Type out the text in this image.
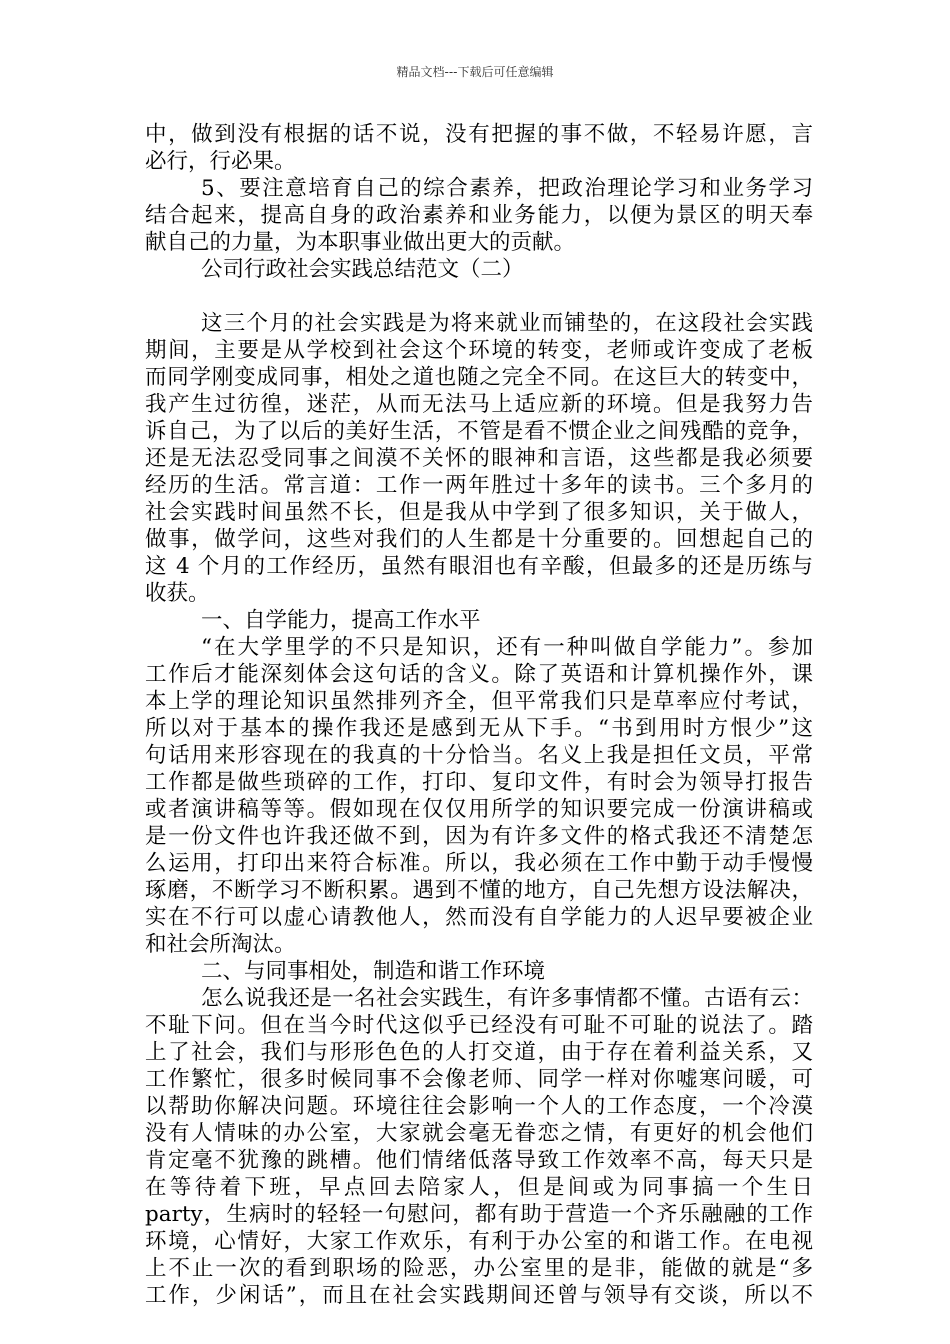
精品文档---下载后可任意编辑
中，做到没有根据的话不说，没有把握的事不做，不轻易许愿，言
必行，行必果。
5、要注意培育自己的综合素养，把政治理论学习和业务学习
结合起来，提高自身的政治素养和业务能力，以便为景区的明天奉
献自己的力量，为本职事业做出更大的贡献。
公司行政社会实践总结范文（二）
这三个月的社会实践是为将来就业而铺垫的，在这段社会实践
期间，主要是从学校到社会这个环境的转变，老师或许变成了老板
而同学刚变成同事，相处之道也随之完全不同。在这巨大的转变中，
我产生过彷徨，迷茫，从而无法马上适应新的环境。但是我努力告
诉自己，为了以后的美好生活，不管是看不惯企业之间残酷的竞争，
还是无法忍受同事之间漠不关怀的眼神和言语，这些都是我必须要
经历的生活。常言道：工作一两年胜过十多年的读书。三个多月的
社会实践时间虽然不长，但是我从中学到了很多知识，关于做人，
做事，做学问，这些对我们的人生都是十分重要的。回想起自己的
这 4 个月的工作经历，虽然有眼泪也有辛酸，但最多的还是历练与
收获。
一、自学能力，提高工作水平
“在大学里学的不只是知识，还有一种叫做自学能力”。参加
工作后才能深刻体会这句话的含义。除了英语和计算机操作外，课
本上学的理论知识虽然排列齐全，但平常我们只是草率应付考试，
所以对于基本的操作我还是感到无从下手。“书到用时方恨少”这
句话用来形容现在的我真的十分恰当。名义上我是担任文员，平常
工作都是做些琐碎的工作，打印、复印文件，有时会为领导打报告
或者演讲稿等等。假如现在仅仅用所学的知识要完成一份演讲稿或
是一份文件也许我还做不到，因为有许多文件的格式我还不清楚怎
么运用，打印出来符合标准。所以，我必须在工作中勤于动手慢慢
琢磨，不断学习不断积累。遇到不懂的地方，自己先想方设法解决，
实在不行可以虚心请教他人，然而没有自学能力的人迟早要被企业
和社会所淘汰。
二、与同事相处，制造和谐工作环境
怎么说我还是一名社会实践生，有许多事情都不懂。古语有云：
不耻下问。但在当今时代这似乎已经没有可耻不可耻的说法了。踏
上了社会，我们与形形色色的人打交道，由于存在着利益关系，又
工作繁忙，很多时候同事不会像老师、同学一样对你嘘寒问暖，可
以帮助你解决问题。环境往往会影响一个人的工作态度，一个冷漠
没有人情味的办公室，大家就会毫无眷恋之情，有更好的机会他们
肯定毫不犹豫的跳槽。他们情绪低落导致工作效率不高，每天只是
在等待着下班，早点回去陪家人，但是间或为同事搞一个生日
party，生病时的轻轻一句慰问，都有助于营造一个齐乐融融的工作
环境，心情好，大家工作欢乐，有利于办公室的和谐工作。在电视
上不止一次的看到职场的险恶，办公室里的是非，能做的就是“多
工作，少闲话”，而且在社会实践期间还曾与领导有交谈，所以不
